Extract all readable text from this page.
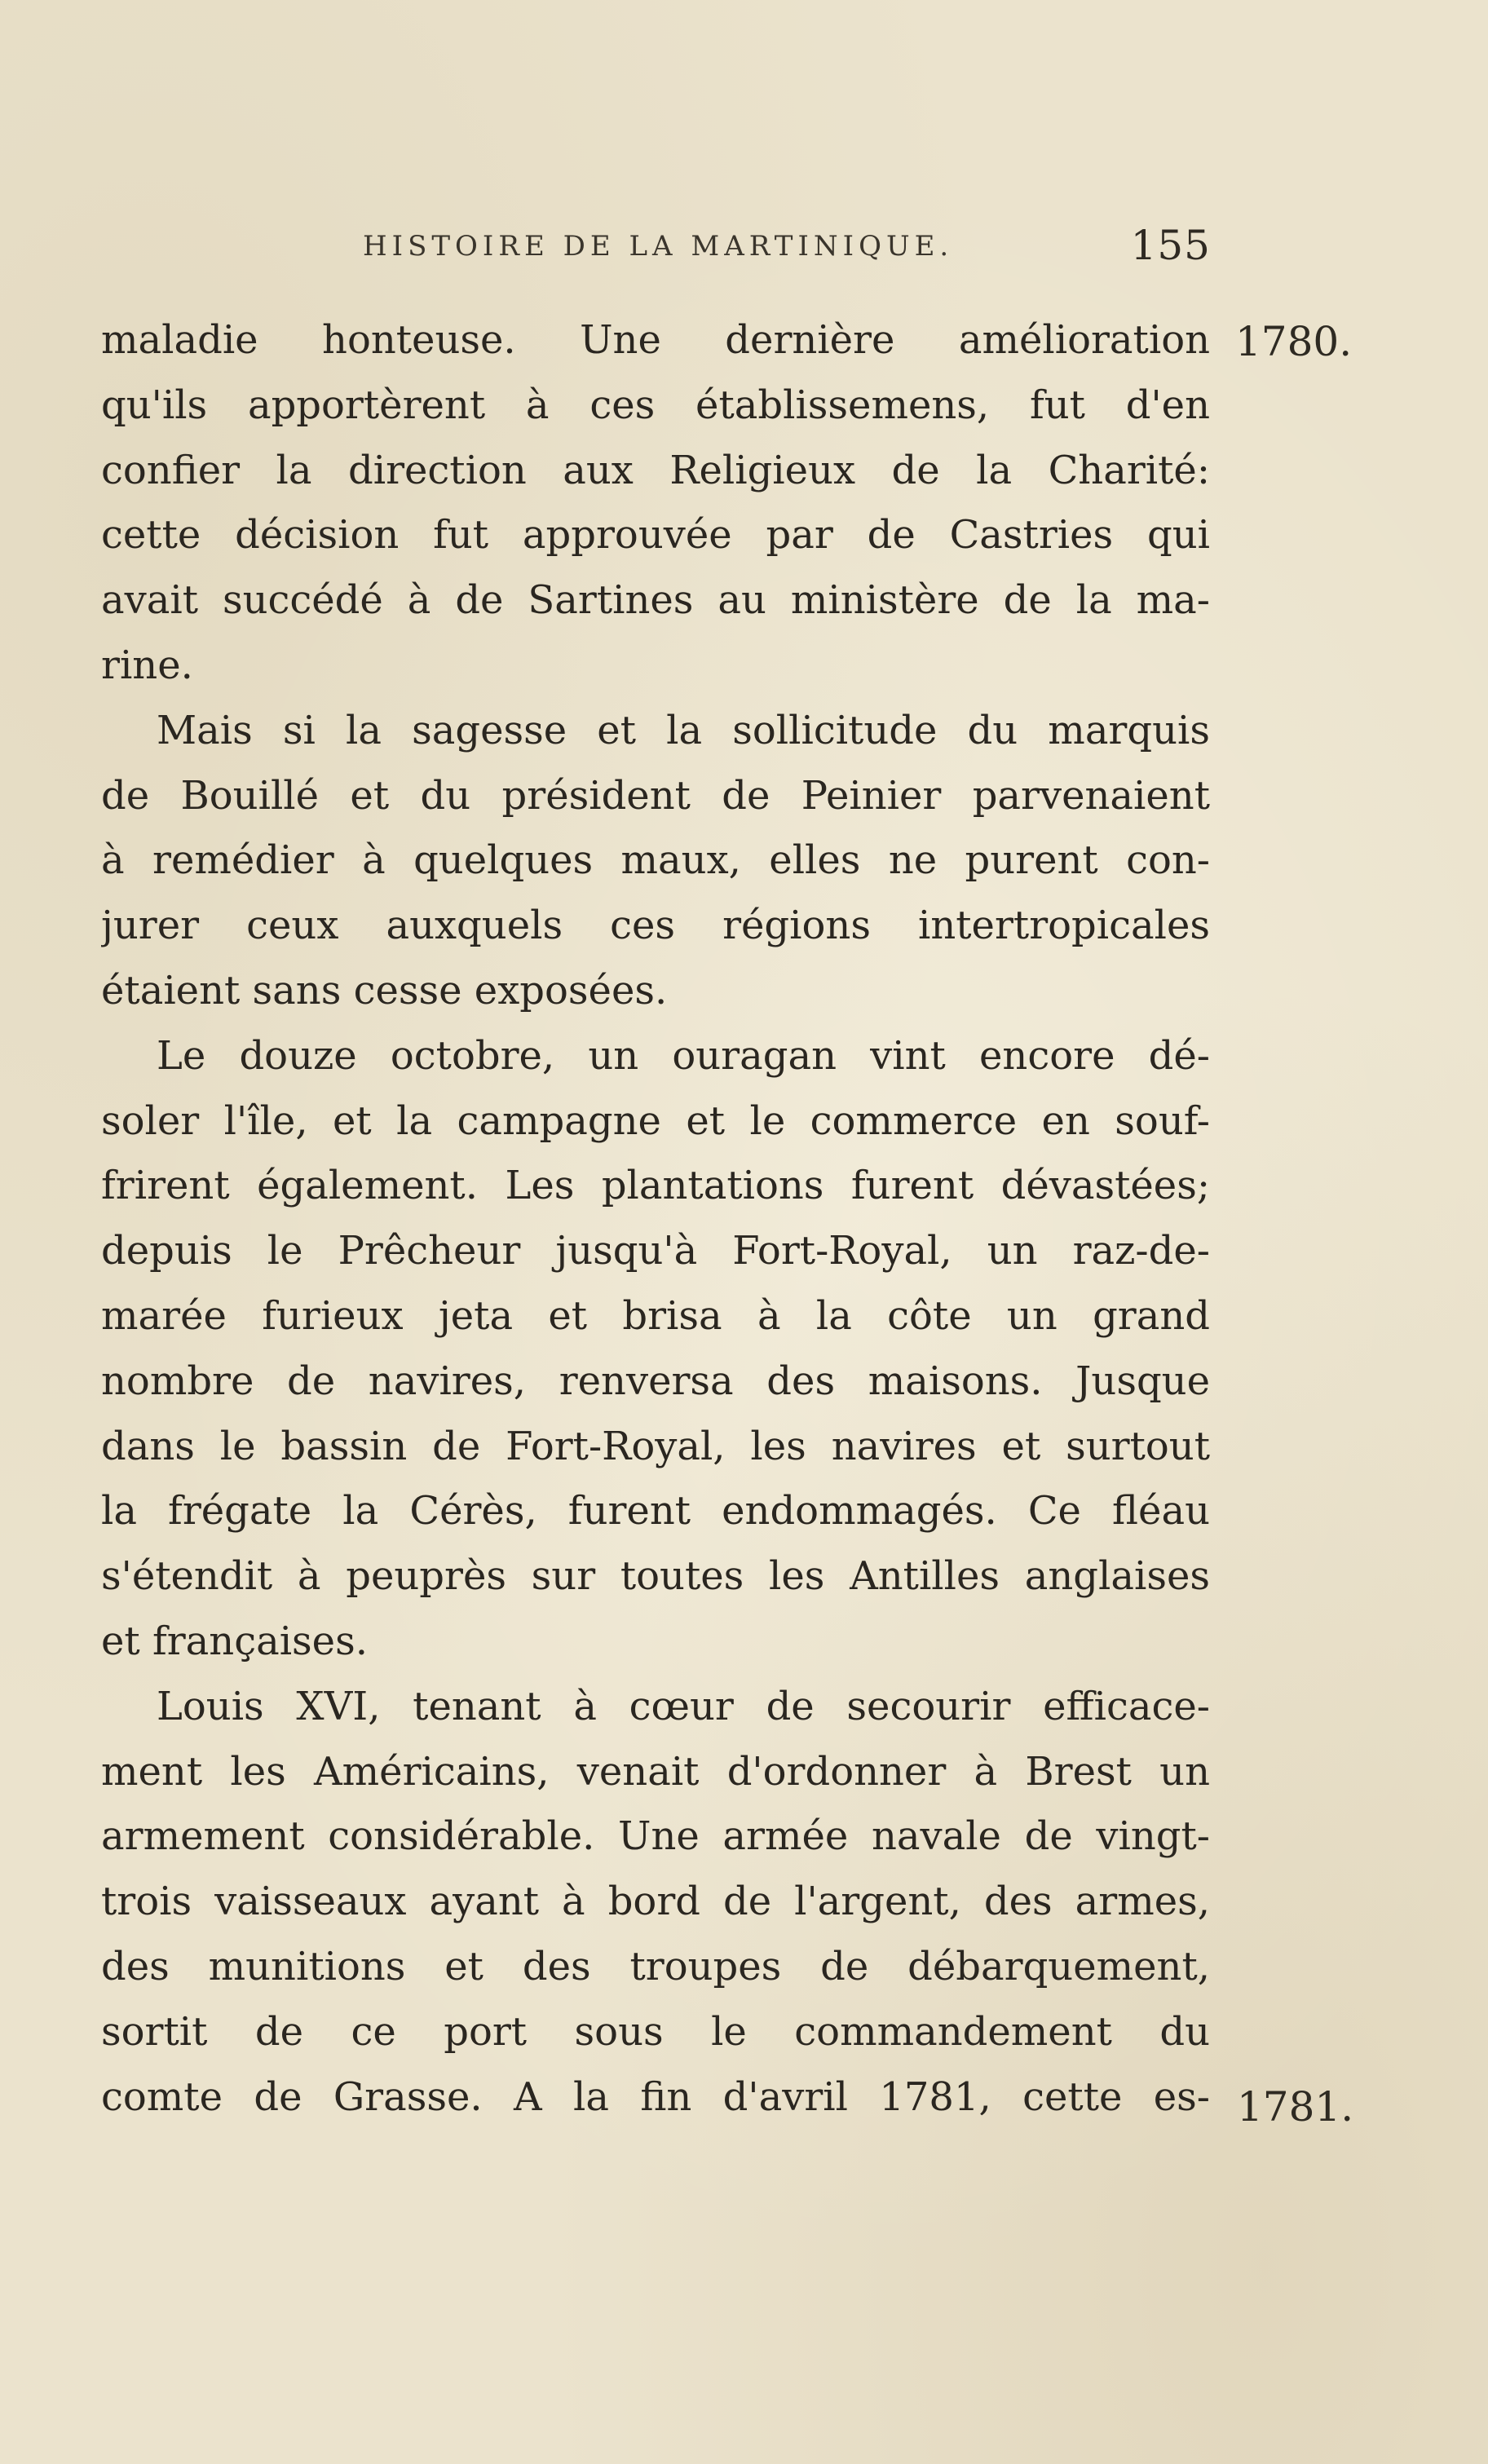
HISTOIRE DE LA MARTINIQUE.	155
1780.
maladie honteuse. Une dernière amélioration
qu'ils apportèrent à ces établissemens, fut d'en
confier la direction aux Religieux de la Charité:
cette décision fut approuvée par de Castries qui
avait succédé à de Sartines au ministère de la ma-
rine.
Mais si la sagesse et la sollicitude du marquis
de Bouillé et du président de Peinier parvenaient
à remédier à quelques maux, elles ne purent con-
jurer ceux auxquels ces régions intertropicales
étaient sans cesse exposées.
Le douze octobre, un ouragan vint encore dé-
soler l'île, et la campagne et le commerce en souf-
frirent également. Les plantations furent dévastées;
depuis le Prêcheur jusqu'à Fort-Royal, un raz-de-
marée furieux jeta et brisa à la côte un grand
nombre de navires, renversa des maisons. Jusque
dans le bassin de Fort-Royal, les navires et surtout
la frégate la Cérès, furent endommagés. Ce fléau
s'étendit à peuprès sur toutes les Antilles anglaises
et françaises.
Louis XVI, tenant à cœur de secourir efficace-
ment les Américains, venait d'ordonner à Brest un
armement considérable. Une armée navale de vingt-
trois vaisseaux ayant à bord de l'argent, des armes,
des munitions et des troupes de débarquement,
sortit de ce port sous le commandement du
comte de Grasse. A la fin d'avril 1781, cette es- 1781.
